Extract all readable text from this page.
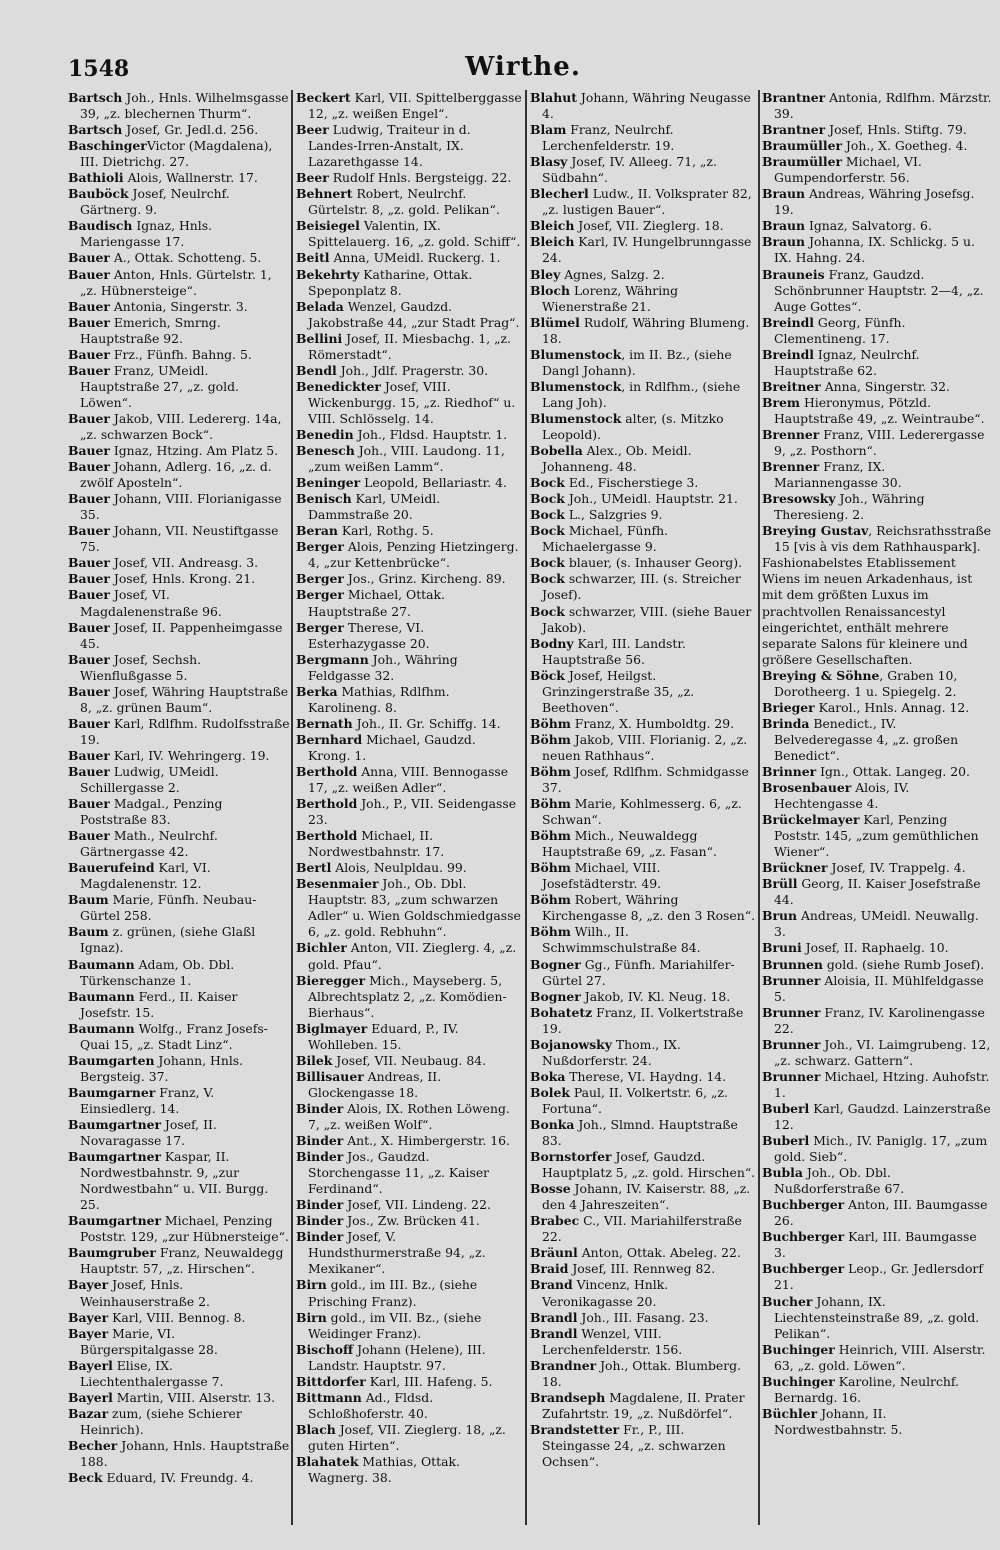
1548	Wirthe.
Bartsch Joh., Hnls. Wilhelmsgasse 39, „z. blechernen Thurm“.
Bartsch Josef, Gr. Jedl.d. 256.
BaschingerVictor (Magdalena), III. Dietrichg. 27.
Bathioli Alois, Wallnerstr. 17.
Bauböck Josef, Neulrchf. Gärtnerg. 9.
Baudisch Ignaz, Hnls. Mariengasse 17.
Bauer A., Ottak. Schotteng. 5.
Bauer Anton, Hnls. Gürtelstr. 1, „z. Hübnersteige“.
Bauer Antonia, Singerstr. 3.
Bauer Emerich, Smrng. Hauptstraße 92.
Bauer Frz., Fünfh. Bahng. 5.
Bauer Franz, UMeidl. Hauptstraße 27, „z. gold. Löwen“.
Bauer Jakob, VIII. Ledererg. 14a, „z. schwarzen Bock“.
Bauer Ignaz, Htzing. Am Platz 5.
Bauer Johann, Adlerg. 16, „z. d. zwölf Aposteln“.
Bauer Johann, VIII. Florianigasse 35.
Bauer Johann, VII. Neustiftgasse 75.
Bauer Josef, VII. Andreasg. 3.
Bauer Josef, Hnls. Krong. 21.
Bauer Josef, VI. Magdalenenstraße 96.
Bauer Josef, II. Pappenheimgasse 45.
Bauer Josef, Sechsh. Wienflußgasse 5.
Bauer Josef, Währing Hauptstraße 8, „z. grünen Baum“.
Bauer Karl, Rdlfhm. Rudolfsstraße 19.
Bauer Karl, IV. Wehringerg. 19.
Bauer Ludwig, UMeidl. Schillergasse 2.
Bauer Madgal., Penzing Poststraße 83.
Bauer Math., Neulrchf. Gärtnergasse 42.
Bauerufeind Karl, VI. Magdalenenstr. 12.
Baum Marie, Fünfh. Neubau-Gürtel 258.
Baum z. grünen, (siehe Glaßl Ignaz).
Baumann Adam, Ob. Dbl. Türkenschanze 1.
Baumann Ferd., II. Kaiser Josefstr. 15.
Baumann Wolfg., Franz Josefs-Quai 15, „z. Stadt Linz“.
Baumgarten Johann, Hnls. Bergsteig. 37.
Baumgarner Franz, V. Einsiedlerg. 14.
Baumgartner Josef, II. Novaragasse 17.
Baumgartner Kaspar, II. Nordwestbahnstr. 9, „zur Nordwestbahn“ u. VII. Burgg. 25.
Baumgartner Michael, Penzing Poststr. 129, „zur Hübnersteige“.
Baumgruber Franz, Neuwaldegg Hauptstr. 57, „z. Hirschen“.
Bayer Josef, Hnls. Weinhauserstraße 2.
Bayer Karl, VIII. Bennog. 8.
Bayer Marie, VI. Bürgerspitalgasse 28.
Bayerl Elise, IX. Liechtenthalergasse 7.
Bayerl Martin, VIII. Alserstr. 13.
Bazar zum, (siehe Schierer Heinrich).
Becher Johann, Hnls. Hauptstraße 188.
Beck Eduard, IV. Freundg. 4.
Beckert Karl, VII. Spittelberggasse 12, „z. weißen Engel“.
Beer Ludwig, Traiteur in d. Landes-Irren-Anstalt, IX. Lazarethgasse 14.
Beer Rudolf Hnls. Bergsteigg. 22.
Behnert Robert, Neulrchf. Gürtelstr. 8, „z. gold. Pelikan“.
Beisiegel Valentin, IX. Spittelauerg. 16, „z. gold. Schiff“.
Beitl Anna, UMeidl. Ruckerg. 1.
Bekehrty Katharine, Ottak. Speponplatz 8.
Belada Wenzel, Gaudzd. Jakobstraße 44, „zur Stadt Prag“.
Bellini Josef, II. Miesbachg. 1, „z. Römerstadt“.
Bendl Joh., Jdlf. Pragerstr. 30.
Benedickter Josef, VIII. Wickenburgg. 15, „z. Riedhof“ u. VIII. Schlösselg. 14.
Benedin Joh., Fldsd. Hauptstr. 1.
Benesch Joh., VIII. Laudong. 11, „zum weißen Lamm“.
Beninger Leopold, Bellariastr. 4.
Benisch Karl, UMeidl. Dammstraße 20.
Beran Karl, Rothg. 5.
Berger Alois, Penzing Hietzingerg. 4, „zur Kettenbrücke“.
Berger Jos., Grinz. Kircheng. 89.
Berger Michael, Ottak. Hauptstraße 27.
Berger Therese, VI. Esterhazygasse 20.
Bergmann Joh., Währing Feldgasse 32.
Berka Mathias, Rdlfhm. Karolineng. 8.
Bernath Joh., II. Gr. Schiffg. 14.
Bernhard Michael, Gaudzd. Krong. 1.
Berthold Anna, VIII. Bennogasse 17, „z. weißen Adler“.
Berthold Joh., P., VII. Seidengasse 23.
Berthold Michael, II. Nordwestbahnstr. 17.
Bertl Alois, Neulpldau. 99.
Besenmaier Joh., Ob. Dbl. Hauptstr. 83, „zum schwarzen Adler“ u. Wien Goldschmiedgasse 6, „z. gold. Rebhuhn“.
Bichler Anton, VII. Zieglerg. 4, „z. gold. Pfau“.
Bieregger Mich., Mayseberg. 5, Albrechtsplatz 2, „z. Komödien-Bierhaus“.
Biglmayer Eduard, P., IV. Wohlleben. 15.
Bilek Josef, VII. Neubaug. 84.
Billisauer Andreas, II. Glockengasse 18.
Binder Alois, IX. Rothen Löweng. 7, „z. weißen Wolf“.
Binder Ant., X. Himbergerstr. 16.
Binder Jos., Gaudzd. Storchengasse 11, „z. Kaiser Ferdinand“.
Binder Josef, VII. Lindeng. 22.
Binder Jos., Zw. Brücken 41.
Binder Josef, V. Hundsthurmerstraße 94, „z. Mexikaner“.
Birn gold., im III. Bz., (siehe Prisching Franz).
Birn gold., im VII. Bz., (siehe Weidinger Franz).
Bischoff Johann (Helene), III. Landstr. Hauptstr. 97.
Bittdorfer Karl, III. Hafeng. 5.
Bittmann Ad., Fldsd. Schloßhoferstr. 40.
Blach Josef, VII. Zieglerg. 18, „z. guten Hirten“.
Blahatek Mathias, Ottak. Wagnerg. 38.
Blahut Johann, Währing Neugasse 4.
Blam Franz, Neulrchf. Lerchenfelderstr. 19.
Blasy Josef, IV. Alleeg. 71, „z. Südbahn“.
Blecherl Ludw., II. Volksprater 82, „z. lustigen Bauer“.
Bleich Josef, VII. Zieglerg. 18.
Bleich Karl, IV. Hungelbrunngasse 24.
Bley Agnes, Salzg. 2.
Bloch Lorenz, Währing Wienerstraße 21.
Blümel Rudolf, Währing Blumeng. 18.
Blumenstock, im II. Bz., (siehe Dangl Johann).
Blumenstock, in Rdlfhm., (siehe Lang Joh).
Blumenstock alter, (s. Mitzko Leopold).
Bobella Alex., Ob. Meidl. Johanneng. 48.
Bock Ed., Fischerstiege 3.
Bock Joh., UMeidl. Hauptstr. 21.
Bock L., Salzgries 9.
Bock Michael, Fünfh. Michaelergasse 9.
Bock blauer, (s. Inhauser Georg).
Bock schwarzer, III. (s. Streicher Josef).
Bock schwarzer, VIII. (siehe Bauer Jakob).
Bodny Karl, III. Landstr. Hauptstraße 56.
Böck Josef, Heilgst. Grinzingerstraße 35, „z. Beethoven“.
Böhm Franz, X. Humboldtg. 29.
Böhm Jakob, VIII. Florianig. 2, „z. neuen Rathhaus“.
Böhm Josef, Rdlfhm. Schmidgasse 37.
Böhm Marie, Kohlmesserg. 6, „z. Schwan“.
Böhm Mich., Neuwaldegg Hauptstraße 69, „z. Fasan“.
Böhm Michael, VIII. Josefstädterstr. 49.
Böhm Robert, Währing Kirchengasse 8, „z. den 3 Rosen“.
Böhm Wilh., II. Schwimmschulstraße 84.
Bogner Gg., Fünfh. Mariahilfer-Gürtel 27.
Bogner Jakob, IV. Kl. Neug. 18.
Bohatetz Franz, II. Volkertstraße 19.
Bojanowsky Thom., IX. Nußdorferstr. 24.
Boka Therese, VI. Haydng. 14.
Bolek Paul, II. Volkertstr. 6, „z. Fortuna“.
Bonka Joh., Slmnd. Hauptstraße 83.
Bornstorfer Josef, Gaudzd. Hauptplatz 5, „z. gold. Hirschen“.
Bosse Johann, IV. Kaiserstr. 88, „z. den 4 Jahreszeiten“.
Brabec C., VII. Mariahilferstraße 22.
Bräunl Anton, Ottak. Abeleg. 22.
Braid Josef, III. Rennweg 82.
Brand Vincenz, Hnlk. Veronikagasse 20.
Brandl Joh., III. Fasang. 23.
Brandl Wenzel, VIII. Lerchenfelderstr. 156.
Brandner Joh., Ottak. Blumberg. 18.
Brandseph Magdalene, II. Prater Zufahrtstr. 19, „z. Nußdörfel“.
Brandstetter Fr., P., III. Steingasse 24, „z. schwarzen Ochsen“.
Brantner Antonia, Rdlfhm. Märzstr. 39.
Brantner Josef, Hnls. Stiftg. 79.
Braumüller Joh., X. Goetheg. 4.
Braumüller Michael, VI. Gumpendorferstr. 56.
Braun Andreas, Währing Josefsg. 19.
Braun Ignaz, Salvatorg. 6.
Braun Johanna, IX. Schlickg. 5 u. IX. Hahng. 24.
Brauneis Franz, Gaudzd. Schönbrunner Hauptstr. 2—4, „z. Auge Gottes“.
Breindl Georg, Fünfh. Clementineng. 17.
Breindl Ignaz, Neulrchf. Hauptstraße 62.
Breitner Anna, Singerstr. 32.
Brem Hieronymus, Pötzld. Hauptstraße 49, „z. Weintraube“.
Brenner Franz, VIII. Lederergasse 9, „z. Posthorn“.
Brenner Franz, IX. Mariannengasse 30.
Bresowsky Joh., Währing Theresieng. 2.
Breying Gustav, Reichsrathsstraße 15 [vis à vis dem Rathhauspark].
Fashionabelstes Etablissement Wiens im neuen Arkadenhaus, ist mit dem größten Luxus im prachtvollen Renaissancestyl eingerichtet, enthält mehrere separate Salons für kleinere und größere Gesellschaften.
Breying & Söhne, Graben 10, Dorotheerg. 1 u. Spiegelg. 2.
Brieger Karol., Hnls. Annag. 12.
Brinda Benedict., IV. Belvederegasse 4, „z. großen Benedict“.
Brinner Ign., Ottak. Langeg. 20.
Brosenbauer Alois, IV. Hechtengasse 4.
Brückelmayer Karl, Penzing Poststr. 145, „zum gemüthlichen Wiener“.
Brückner Josef, IV. Trappelg. 4.
Brüll Georg, II. Kaiser Josefstraße 44.
Brun Andreas, UMeidl. Neuwallg. 3.
Bruni Josef, II. Raphaelg. 10.
Brunnen gold. (siehe Rumb Josef).
Brunner Aloisia, II. Mühlfeldgasse 5.
Brunner Franz, IV. Karolinengasse 22.
Brunner Joh., VI. Laimgrubeng. 12, „z. schwarz. Gattern“.
Brunner Michael, Htzing. Auhofstr. 1.
Buberl Karl, Gaudzd. Lainzerstraße 12.
Buberl Mich., IV. Paniglg. 17, „zum gold. Sieb“.
Bubla Joh., Ob. Dbl. Nußdorferstraße 67.
Buchberger Anton, III. Baumgasse 26.
Buchberger Karl, III. Baumgasse 3.
Buchberger Leop., Gr. Jedlersdorf 21.
Bucher Johann, IX. Liechtensteinstraße 89, „z. gold. Pelikan“.
Buchinger Heinrich, VIII. Alserstr. 63, „z. gold. Löwen“.
Buchinger Karoline, Neulrchf. Bernardg. 16.
Büchler Johann, II. Nordwestbahnstr. 5.
